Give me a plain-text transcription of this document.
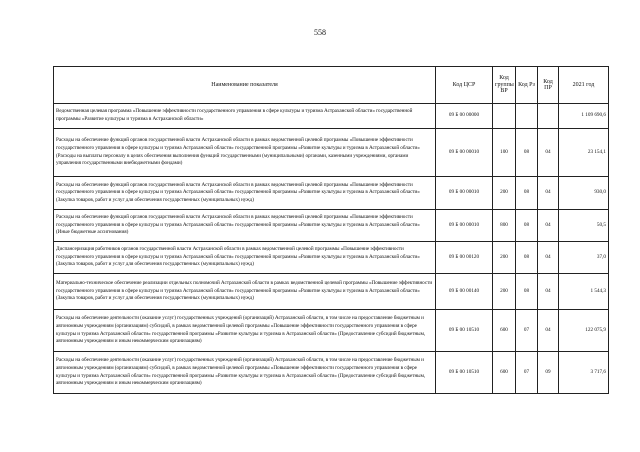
558
Наименование показателя	Код ЦСР	Код группы ВР	Код Рз	Код ПР	2021 год
Ведомственная целевая программа «Повышение эффективности государственного управления в сфере культуры и туризма Астраханской области» государственной программы «Развитие культуры и туризма в Астраханской области»	09 Б 00 00000				1 109 690,6
Расходы на обеспечение функций органов государственной власти Астраханской области в рамках ведомственной целевой программы «Повышение эффективности государственного управления в сфере культуры и туризма Астраханской области» государственной программы «Развитие культуры и туризма в Астраханской области» (Расходы на выплаты персоналу в целях обеспечения выполнения функций государственными (муниципальными) органами, казенными учреждениями, органами управления государственными внебюджетными фондами)	09 Б 00 00010	100	08	04	23 154,1
Расходы на обеспечение функций органов государственной власти Астраханской области в рамках ведомственной целевой программы «Повышение эффективности государственного управления в сфере культуры и туризма Астраханской области» государственной программы «Развитие культуры и туризма в Астраханской области» (Закупка товаров, работ и услуг для обеспечения государственных (муниципальных) нужд)	09 Б 00 00010	200	08	04	930,0
Расходы на обеспечение функций органов государственной власти Астраханской области в рамках ведомственной целевой программы «Повышение эффективности государственного управления в сфере культуры и туризма Астраханской области» государственной программы «Развитие культуры и туризма в Астраханской области» (Иные бюджетные ассигнования)	09 Б 00 00010	800	08	04	50,5
Диспансеризация работников органов государственной власти Астраханской области в рамках ведомственной целевой программы «Повышение эффективности государственного управления в сфере культуры и туризма Астраханской области» государственной программы «Развитие культуры и туризма в Астраханской области» (Закупка товаров, работ и услуг для обеспечения государственных (муниципальных) нужд)	09 Б 00 00120	200	08	04	37,0
Материально-техническое обеспечение реализации отдельных полномочий Астраханской области в рамках ведомственной целевой программы «Повышение эффективности государственного управления в сфере культуры и туризма Астраханской области» государственной программы «Развитие культуры и туризма в Астраханской области» (Закупка товаров, работ и услуг для обеспечения государственных (муниципальных) нужд)	09 Б 00 00140	200	08	04	1 544,3
Расходы на обеспечение деятельности (оказание услуг) государственных учреждений (организаций) Астраханской области, в том числе на предоставление бюджетным и автономным учреждениям (организациям) субсидий, в рамках ведомственной целевой программы «Повышение эффективности государственного управления в сфере культуры и туризма Астраханской области» государственной программы «Развитие культуры и туризма в Астраханской области» (Предоставление субсидий бюджетным, автономным учреждениям и иным некоммерческим организациям)	09 Б 00 10510	600	07	04	122 075,9
Расходы на обеспечение деятельности (оказание услуг) государственных учреждений (организаций) Астраханской области, в том числе на предоставление бюджетным и автономным учреждениям (организациям) субсидий, в рамках ведомственной целевой программы «Повышение эффективности государственного управления в сфере культуры и туризма Астраханской области» государственной программы «Развитие культуры и туризма в Астраханской области» (Предоставление субсидий бюджетным, автономным учреждениям и иным некоммерческим организациям)	09 Б 00 10510	600	07	09	3 717,6
